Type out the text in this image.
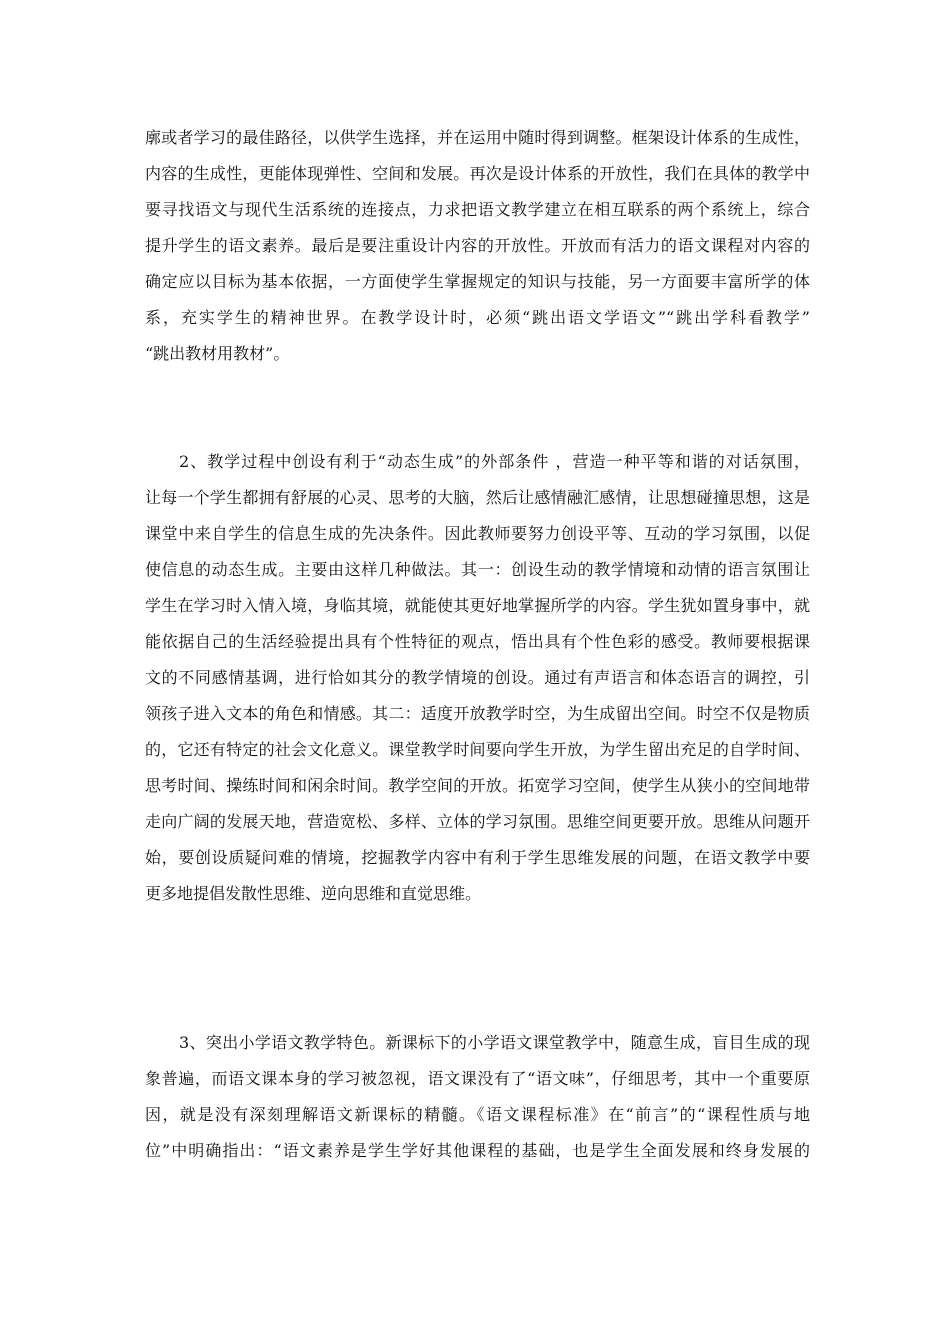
廓或者学习的最佳路径，以供学生选择，并在运用中随时得到调整。框架设计体系的生成性，
内容的生成性，更能体现弹性、空间和发展。再次是设计体系的开放性，我们在具体的教学中
要寻找语文与现代生活系统的连接点，力求把语文教学建立在相互联系的两个系统上，综合
提升学生的语文素养。最后是要注重设计内容的开放性。开放而有活力的语文课程对内容的
确定应以目标为基本依据，一方面使学生掌握规定的知识与技能，另一方面要丰富所学的体
系，充实学生的精神世界。在教学设计时，必须“跳出语文学语文”“跳出学科看教学”
“跳出教材用教材”。
2、教学过程中创设有利于“动态生成”的外部条件 ，营造一种平等和谐的对话氛围，
让每一个学生都拥有舒展的心灵、思考的大脑，然后让感情融汇感情，让思想碰撞思想，这是
课堂中来自学生的信息生成的先决条件。因此教师要努力创设平等、互动的学习氛围，以促
使信息的动态生成。主要由这样几种做法。其一：创设生动的教学情境和动情的语言氛围让
学生在学习时入情入境，身临其境，就能使其更好地掌握所学的内容。学生犹如置身事中，就
能依据自己的生活经验提出具有个性特征的观点，悟出具有个性色彩的感受。教师要根据课
文的不同感情基调，进行恰如其分的教学情境的创设。通过有声语言和体态语言的调控，引
领孩子进入文本的角色和情感。其二：适度开放教学时空，为生成留出空间。时空不仅是物质
的，它还有特定的社会文化意义。课堂教学时间要向学生开放，为学生留出充足的自学时间、
思考时间、操练时间和闲余时间。教学空间的开放。拓宽学习空间，使学生从狭小的空间地带
走向广阔的发展天地，营造宽松、多样、立体的学习氛围。思维空间更要开放。思维从问题开
始，要创设质疑问难的情境，挖掘教学内容中有利于学生思维发展的问题，在语文教学中要
更多地提倡发散性思维、逆向思维和直觉思维。
3、突出小学语文教学特色。新课标下的小学语文课堂教学中，随意生成，盲目生成的现
象普遍，而语文课本身的学习被忽视，语文课没有了“语文味”，仔细思考，其中一个重要原
因，就是没有深刻理解语文新课标的精髓。《语文课程标准》在“前言”的“课程性质与地
位”中明确指出：“语文素养是学生学好其他课程的基础，也是学生全面发展和终身发展的
